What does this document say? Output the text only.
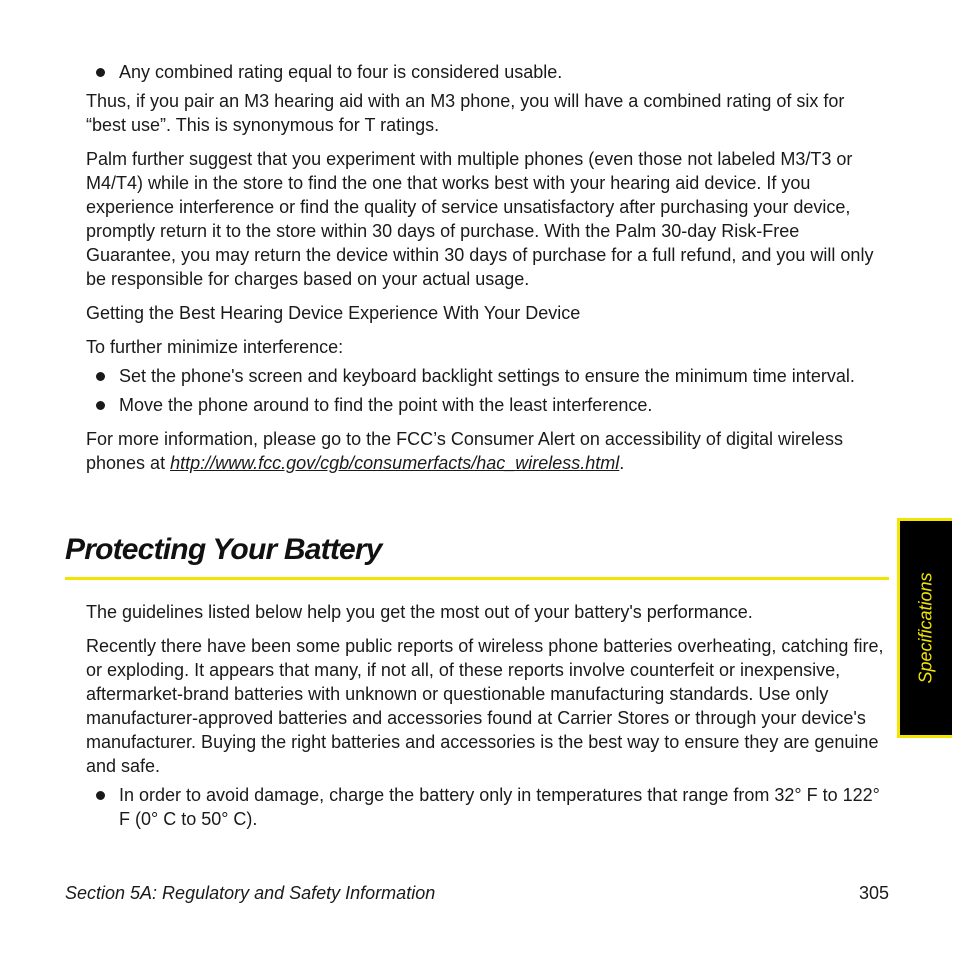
Any combined rating equal to four is considered usable.

Thus, if you pair an M3 hearing aid with an M3 phone, you will have a combined rating of six for “best use”. This is synonymous for T ratings.

Palm further suggest that you experiment with multiple phones (even those not labeled M3/T3 or M4/T4) while in the store to find the one that works best with your hearing aid device. If you experience interference or find the quality of service unsatisfactory after purchasing your device, promptly return it to the store within 30 days of purchase. With the Palm 30-day Risk-Free Guarantee, you may return the device within 30 days of purchase for a full refund, and you will only be responsible for charges based on your actual usage.

Getting the Best Hearing Device Experience With Your Device

To further minimize interference:

Set the phone's screen and keyboard backlight settings to ensure the minimum time interval.
Move the phone around to find the point with the least interference.

For more information, please go to the FCC’s Consumer Alert on accessibility of digital wireless phones at http://www.fcc.gov/cgb/consumerfacts/hac_wireless.html.

Protecting Your Battery

The guidelines listed below help you get the most out of your battery's performance.

Recently there have been some public reports of wireless phone batteries overheating, catching fire, or exploding. It appears that many, if not all, of these reports involve counterfeit or inexpensive, aftermarket-brand batteries with unknown or questionable manufacturing standards. Use only manufacturer-approved batteries and accessories found at Carrier Stores or through your device's manufacturer. Buying the right batteries and accessories is the best way to ensure they are genuine and safe.

In order to avoid damage, charge the battery only in temperatures that range from 32° F to 122° F (0° C to 50° C).
Specifications
Section 5A: Regulatory and Safety Information	305
